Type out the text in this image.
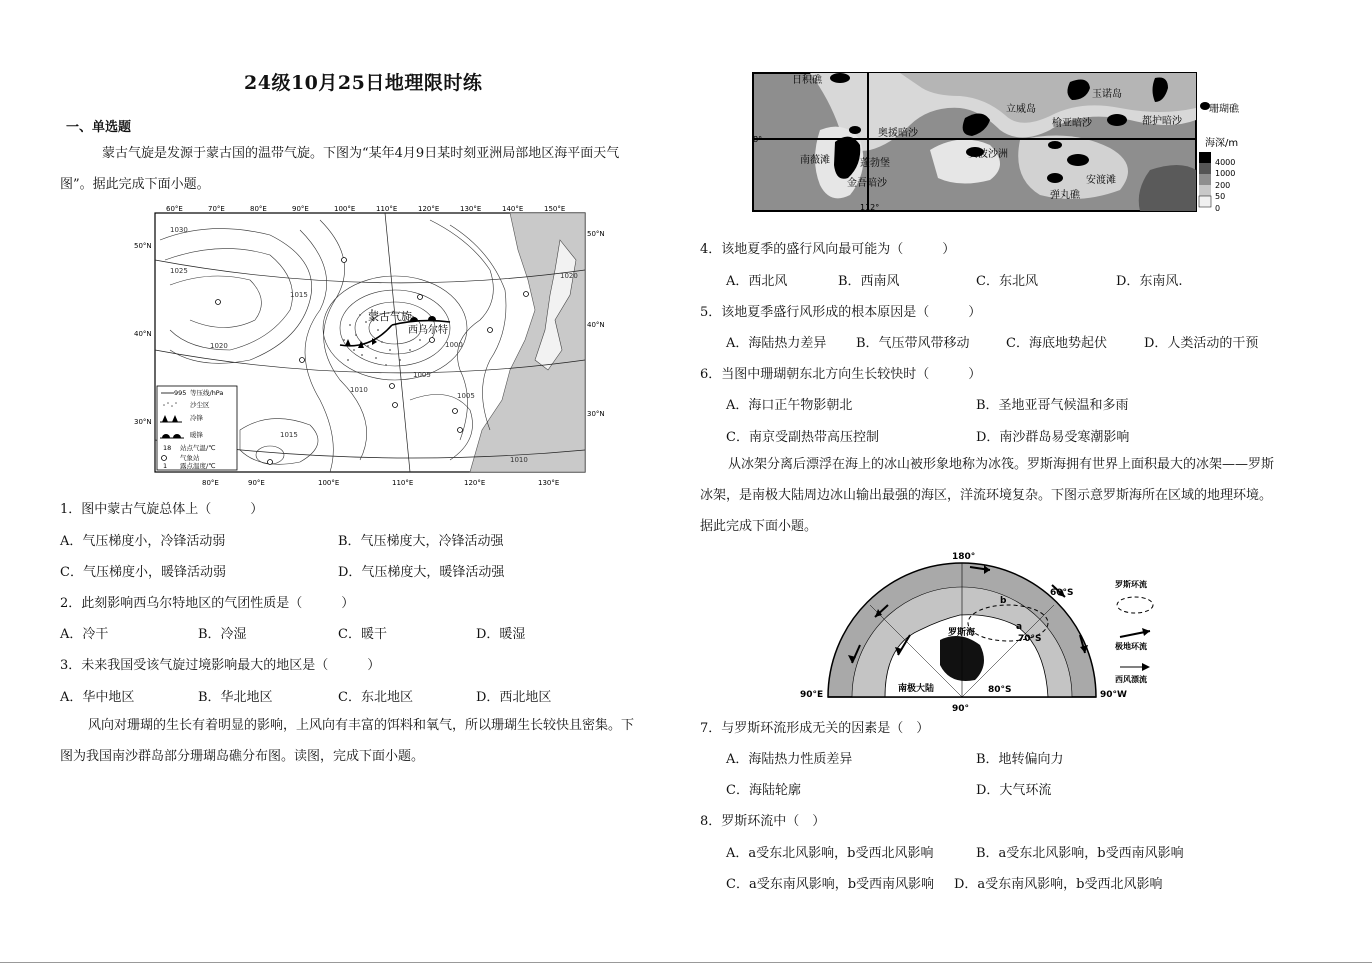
24级10月25日地理限时练
一、单选题
蒙古气旋是发源于蒙古国的温带气旋。下图为“某年4月9日某时刻亚洲局部地区海平面天气
图”。据此完成下面小题。
蒙古气旋
西乌尔特
1030
1025
1020
1015
1010
1005
1000
1020
1015
1010
1005
60°E	70°E	80°E	90°E	100°E	110°E	120°E	130°E	140°E	150°E
80°E	90°E	100°E	110°E	120°E	130°E
50°N
40°N
30°N
50°N
40°N
30°N
995 等压线/hPa
沙尘区
冷锋
暖锋
18 站点气温/℃
气象站
1 露点温度/℃
1．图中蒙古气旋总体上（　　　）
A．气压梯度小，冷锋活动弱	B．气压梯度大，冷锋活动强
C．气压梯度小，暖锋活动弱	D．气压梯度大，暖锋活动强
2．此刻影响西乌尔特地区的气团性质是（　　　）
A．冷干	B．冷湿	C．暖干	D．暖湿
3．未来我国受该气旋过境影响最大的地区是（　　　）
A．华中地区	B．华北地区	C．东北地区	D．西北地区
风向对珊瑚的生长有着明显的影响，上风向有丰富的饵料和氧气，所以珊瑚生长较快且密集。下
图为我国南沙群岛部分珊瑚岛礁分布图。读图，完成下面小题。
8°
112°
日积礁
玉诺岛
立威岛
榆亚暗沙	都护暗沙
珊瑚礁
奥援暗沙
南薇滩	蓬勃堡
金吾暗沙
安波沙洲
安渡滩
弹丸礁
海深/m
4000
1000
200
50
0
4．该地夏季的盛行风向最可能为（　　　）
A．西北风	B．西南风	C．东北风	D．东南风.
5．该地夏季盛行风形成的根本原因是（　　　）
A．海陆热力差异 B．气压带风带移动	C．海底地势起伏	D．人类活动的干预
6．当图中珊瑚朝东北方向生长较快时（　　　）
A．海口正午物影朝北	B．圣地亚哥气候温和多雨
C．南京受副热带高压控制	D．南沙群岛易受寒潮影响
从冰架分离后漂浮在海上的冰山被形象地称为冰筏。罗斯海拥有世界上面积最大的冰架——罗斯
冰架，是南极大陆周边冰山输出最强的海区，洋流环境复杂。下图示意罗斯海所在区域的地理环境。
据此完成下面小题。
180°
90°E	90°W
90°
60°S
70°S
80°S
罗斯海
南极大陆
a
b
罗斯环流
极地环流
西风漂流
7．与罗斯环流形成无关的因素是（　）
A．海陆热力性质差异	B．地转偏向力
C．海陆轮廓	D．大气环流
8．罗斯环流中（　）
A．a受东北风影响，b受西北风影响	B．a受东北风影响，b受西南风影响
C．a受东南风影响，b受西南风影响 D．a受东南风影响，b受西北风影响
